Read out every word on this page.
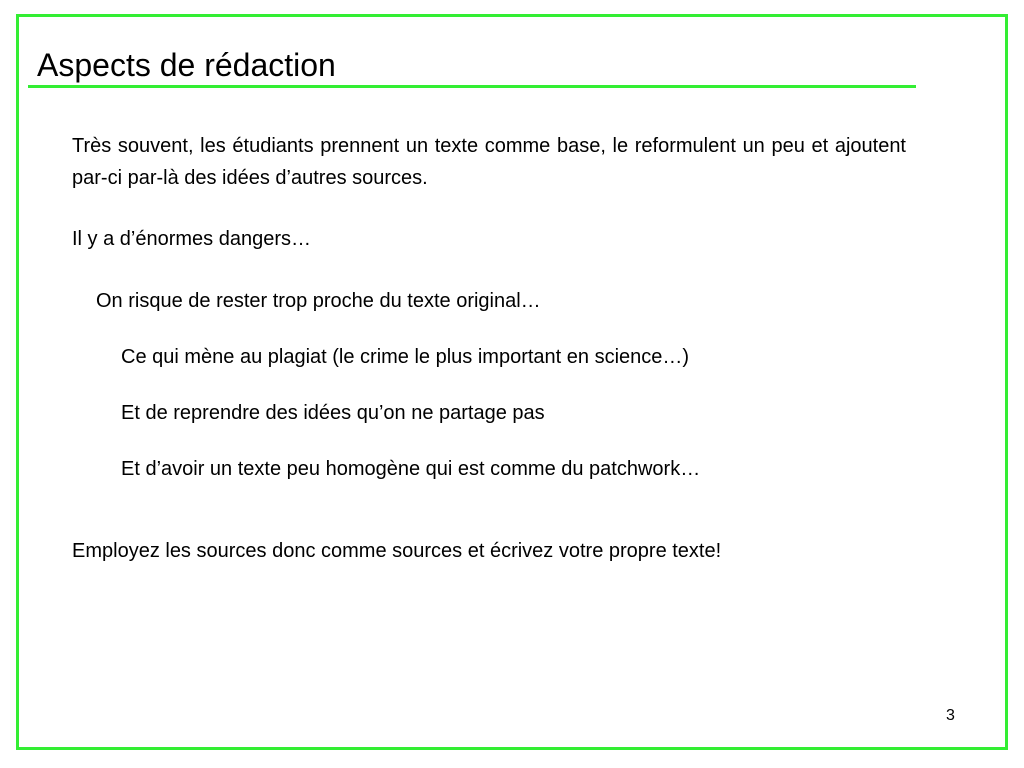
Aspects de rédaction
Très souvent, les étudiants prennent un texte comme base, le reformulent un peu et ajoutent par-ci par-là des idées d’autres sources.
Il y a d’énormes dangers…
On risque de rester trop proche du texte original…
Ce qui mène au plagiat (le crime le plus important en science…)
Et de reprendre des idées qu’on ne partage pas
Et d’avoir un texte peu homogène qui est comme du patchwork…
Employez les sources donc comme sources et écrivez votre propre texte!
3
